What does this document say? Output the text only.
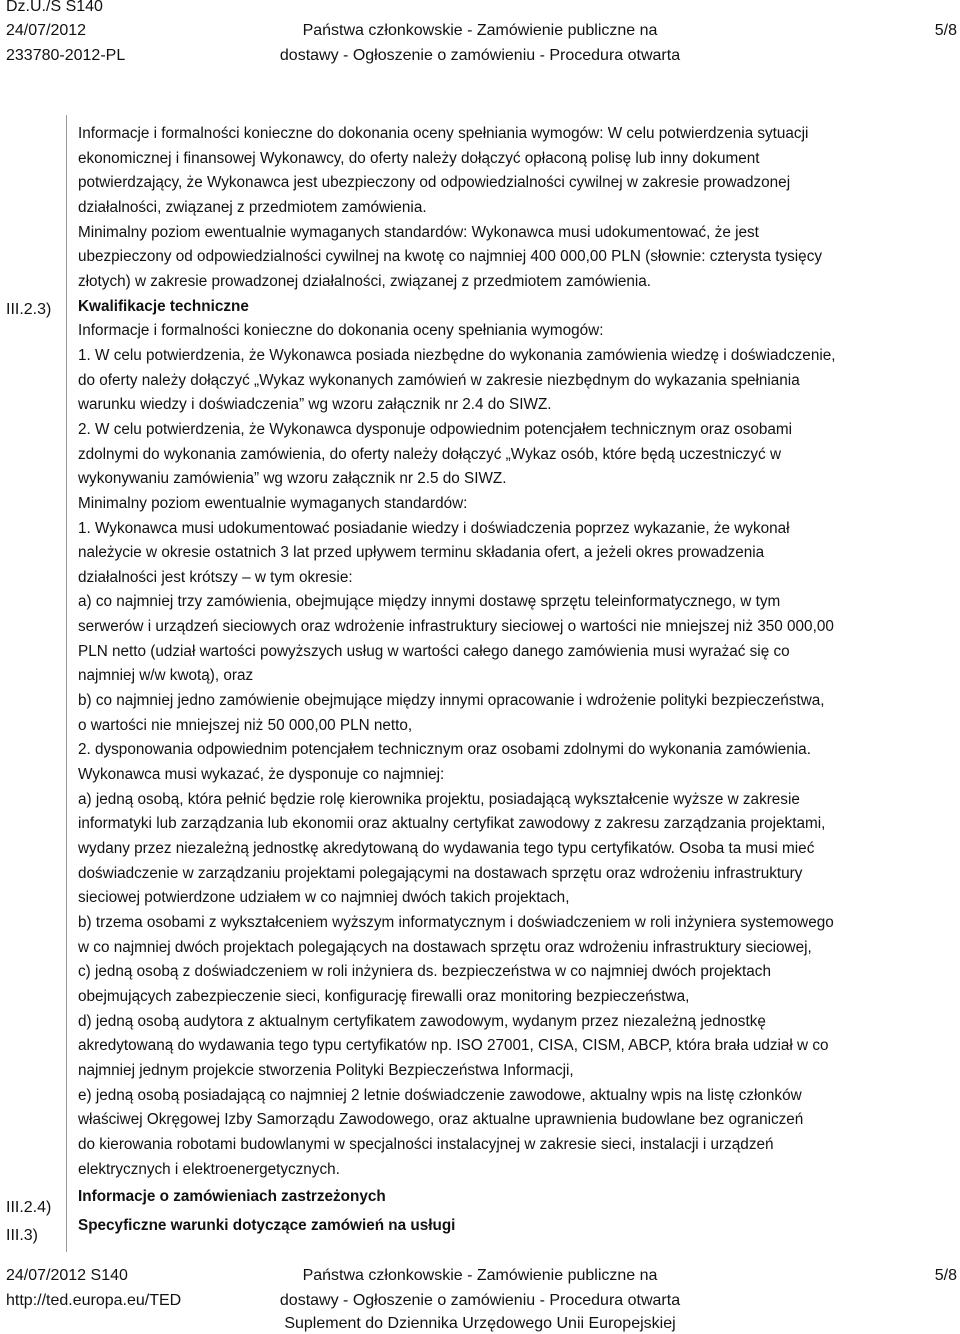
Dz.U./S S140
24/07/2012
233780-2012-PL
Państwa członkowskie - Zamówienie publiczne na
dostawy - Ogłoszenie o zamówieniu - Procedura otwarta
5/8
III.2.3)
III.2.4)
III.3)

Informacje i formalności konieczne do dokonania oceny spełniania wymogów: W celu potwierdzenia sytuacji

ekonomicznej i finansowej Wykonawcy, do oferty należy dołączyć opłaconą polisę lub inny dokument

potwierdzający, że Wykonawca jest ubezpieczony od odpowiedzialności cywilnej w zakresie prowadzonej

działalności, związanej z przedmiotem zamówienia.

Minimalny poziom ewentualnie wymaganych standardów: Wykonawca musi udokumentować, że jest

ubezpieczony od odpowiedzialności cywilnej na kwotę co najmniej 400 000,00 PLN (słownie: czterysta tysięcy

złotych) w zakresie prowadzonej działalności, związanej z przedmiotem zamówienia.

Kwalifikacje techniczne

Informacje i formalności konieczne do dokonania oceny spełniania wymogów:

1. W celu potwierdzenia, że Wykonawca posiada niezbędne do wykonania zamówienia wiedzę i doświadczenie,

do oferty należy dołączyć „Wykaz wykonanych zamówień w zakresie niezbędnym do wykazania spełniania

warunku wiedzy i doświadczenia” wg wzoru załącznik nr 2.4 do SIWZ.

2. W celu potwierdzenia, że Wykonawca dysponuje odpowiednim potencjałem technicznym oraz osobami

zdolnymi do wykonania zamówienia, do oferty należy dołączyć „Wykaz osób, które będą uczestniczyć w

wykonywaniu zamówienia” wg wzoru załącznik nr 2.5 do SIWZ.

Minimalny poziom ewentualnie wymaganych standardów:

1. Wykonawca musi udokumentować posiadanie wiedzy i doświadczenia poprzez wykazanie, że wykonał

należycie w okresie ostatnich 3 lat przed upływem terminu składania ofert, a jeżeli okres prowadzenia

działalności jest krótszy – w tym okresie:

a) co najmniej trzy zamówienia, obejmujące między innymi dostawę sprzętu teleinformatycznego, w tym

serwerów i urządzeń sieciowych oraz wdrożenie infrastruktury sieciowej o wartości nie mniejszej niż 350 000,00

PLN netto (udział wartości powyższych usług w wartości całego danego zamówienia musi wyrażać się co

najmniej w/w kwotą), oraz

b) co najmniej jedno zamówienie obejmujące między innymi opracowanie i wdrożenie polityki bezpieczeństwa,

o wartości nie mniejszej niż 50 000,00 PLN netto,

2. dysponowania odpowiednim potencjałem technicznym oraz osobami zdolnymi do wykonania zamówienia.

Wykonawca musi wykazać, że dysponuje co najmniej:

a) jedną osobą, która pełnić będzie rolę kierownika projektu, posiadającą wykształcenie wyższe w zakresie

informatyki lub zarządzania lub ekonomii oraz aktualny certyfikat zawodowy z zakresu zarządzania projektami,

wydany przez niezależną jednostkę akredytowaną do wydawania tego typu certyfikatów. Osoba ta musi mieć

doświadczenie w zarządzaniu projektami polegającymi na dostawach sprzętu oraz wdrożeniu infrastruktury

sieciowej potwierdzone udziałem w co najmniej dwóch takich projektach,

b) trzema osobami z wykształceniem wyższym informatycznym i doświadczeniem w roli inżyniera systemowego

w co najmniej dwóch projektach polegających na dostawach sprzętu oraz wdrożeniu infrastruktury sieciowej,

c) jedną osobą z doświadczeniem w roli inżyniera ds. bezpieczeństwa w co najmniej dwóch projektach

obejmujących zabezpieczenie sieci, konfigurację firewalli oraz monitoring bezpieczeństwa,

d) jedną osobą audytora z aktualnym certyfikatem zawodowym, wydanym przez niezależną jednostkę

akredytowaną do wydawania tego typu certyfikatów np. ISO 27001, CISA, CISM, ABCP, która brała udział w co

najmniej jednym projekcie stworzenia Polityki Bezpieczeństwa Informacji,

e) jedną osobą posiadającą co najmniej 2 letnie doświadczenie zawodowe, aktualny wpis na listę członków

właściwej Okręgowej Izby Samorządu Zawodowego, oraz aktualne uprawnienia budowlane bez ograniczeń

do kierowania robotami budowlanymi w specjalności instalacyjnej w zakresie sieci, instalacji i urządzeń

elektrycznych i elektroenergetycznych.

Informacje o zamówieniach zastrzeżonych

Specyficzne warunki dotyczące zamówień na usługi

24/07/2012 S140
http://ted.europa.eu/TED
Państwa członkowskie - Zamówienie publiczne na
dostawy - Ogłoszenie o zamówieniu - Procedura otwarta
Suplement do Dziennika Urzędowego Unii Europejskiej
5/8
